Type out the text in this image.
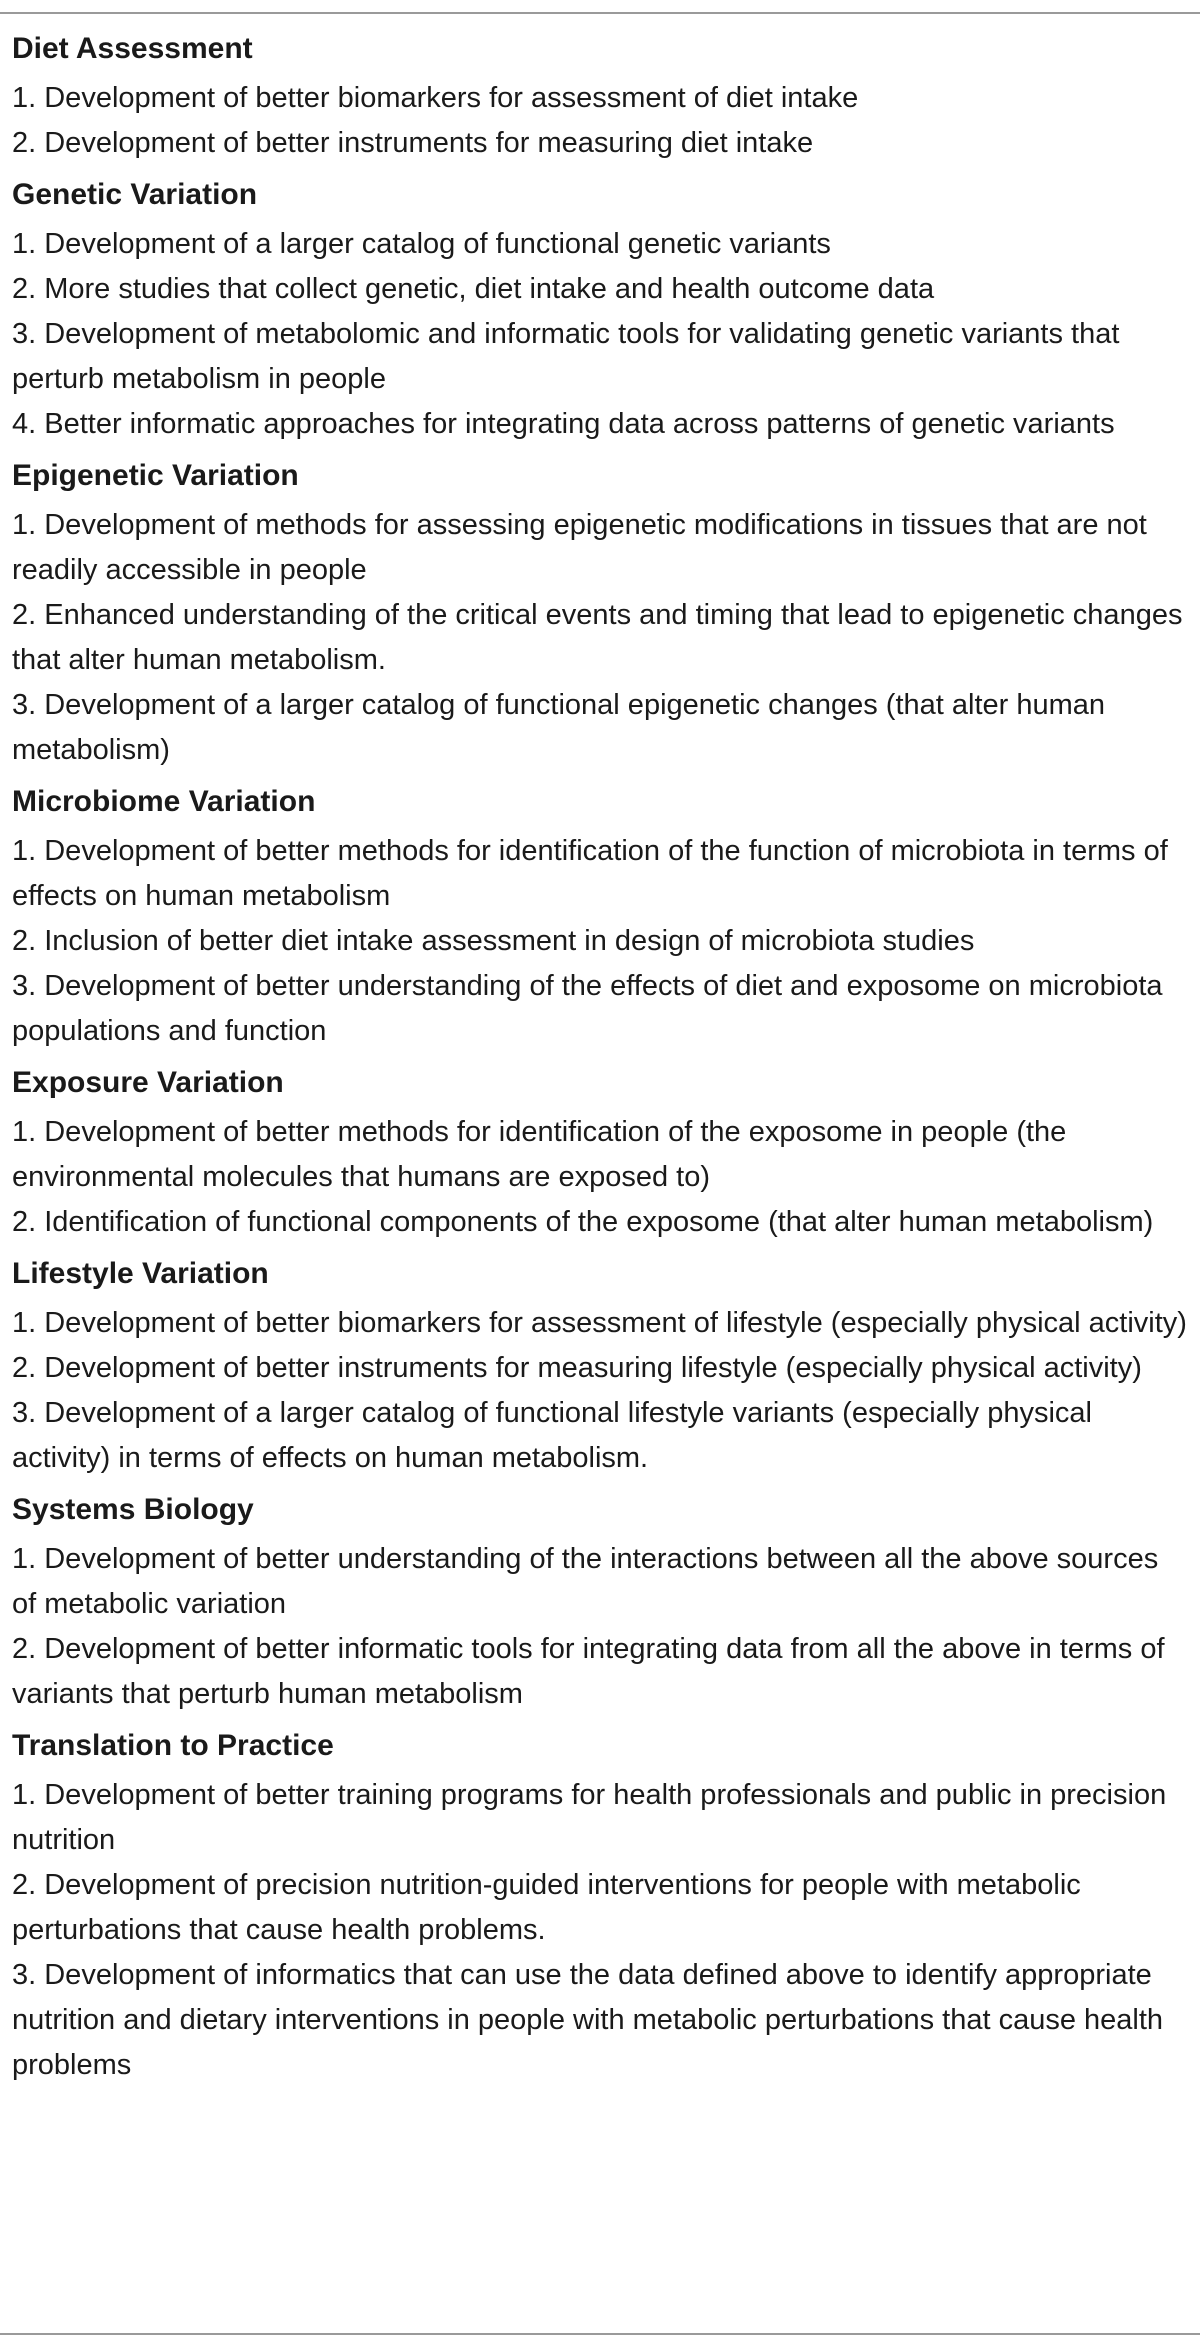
Diet Assessment
1. Development of better biomarkers for assessment of diet intake
2. Development of better instruments for measuring diet intake
Genetic Variation
1. Development of a larger catalog of functional genetic variants
2. More studies that collect genetic, diet intake and health outcome data
3. Development of metabolomic and informatic tools for validating genetic variants that perturb metabolism in people
4. Better informatic approaches for integrating data across patterns of genetic variants
Epigenetic Variation
1. Development of methods for assessing epigenetic modifications in tissues that are not readily accessible in people
2. Enhanced understanding of the critical events and timing that lead to epigenetic changes that alter human metabolism.
3. Development of a larger catalog of functional epigenetic changes (that alter human metabolism)
Microbiome Variation
1. Development of better methods for identification of the function of microbiota in terms of effects on human metabolism
2. Inclusion of better diet intake assessment in design of microbiota studies
3. Development of better understanding of the effects of diet and exposome on microbiota populations and function
Exposure Variation
1. Development of better methods for identification of the exposome in people (the environmental molecules that humans are exposed to)
2. Identification of functional components of the exposome (that alter human metabolism)
Lifestyle Variation
1. Development of better biomarkers for assessment of lifestyle (especially physical activity)
2. Development of better instruments for measuring lifestyle (especially physical activity)
3. Development of a larger catalog of functional lifestyle variants (especially physical activity) in terms of effects on human metabolism.
Systems Biology
1. Development of better understanding of the interactions between all the above sources of metabolic variation
2. Development of better informatic tools for integrating data from all the above in terms of variants that perturb human metabolism
Translation to Practice
1. Development of better training programs for health professionals and public in precision nutrition
2. Development of precision nutrition-guided interventions for people with metabolic perturbations that cause health problems.
3. Development of informatics that can use the data defined above to identify appropriate nutrition and dietary interventions in people with metabolic perturbations that cause health problems
